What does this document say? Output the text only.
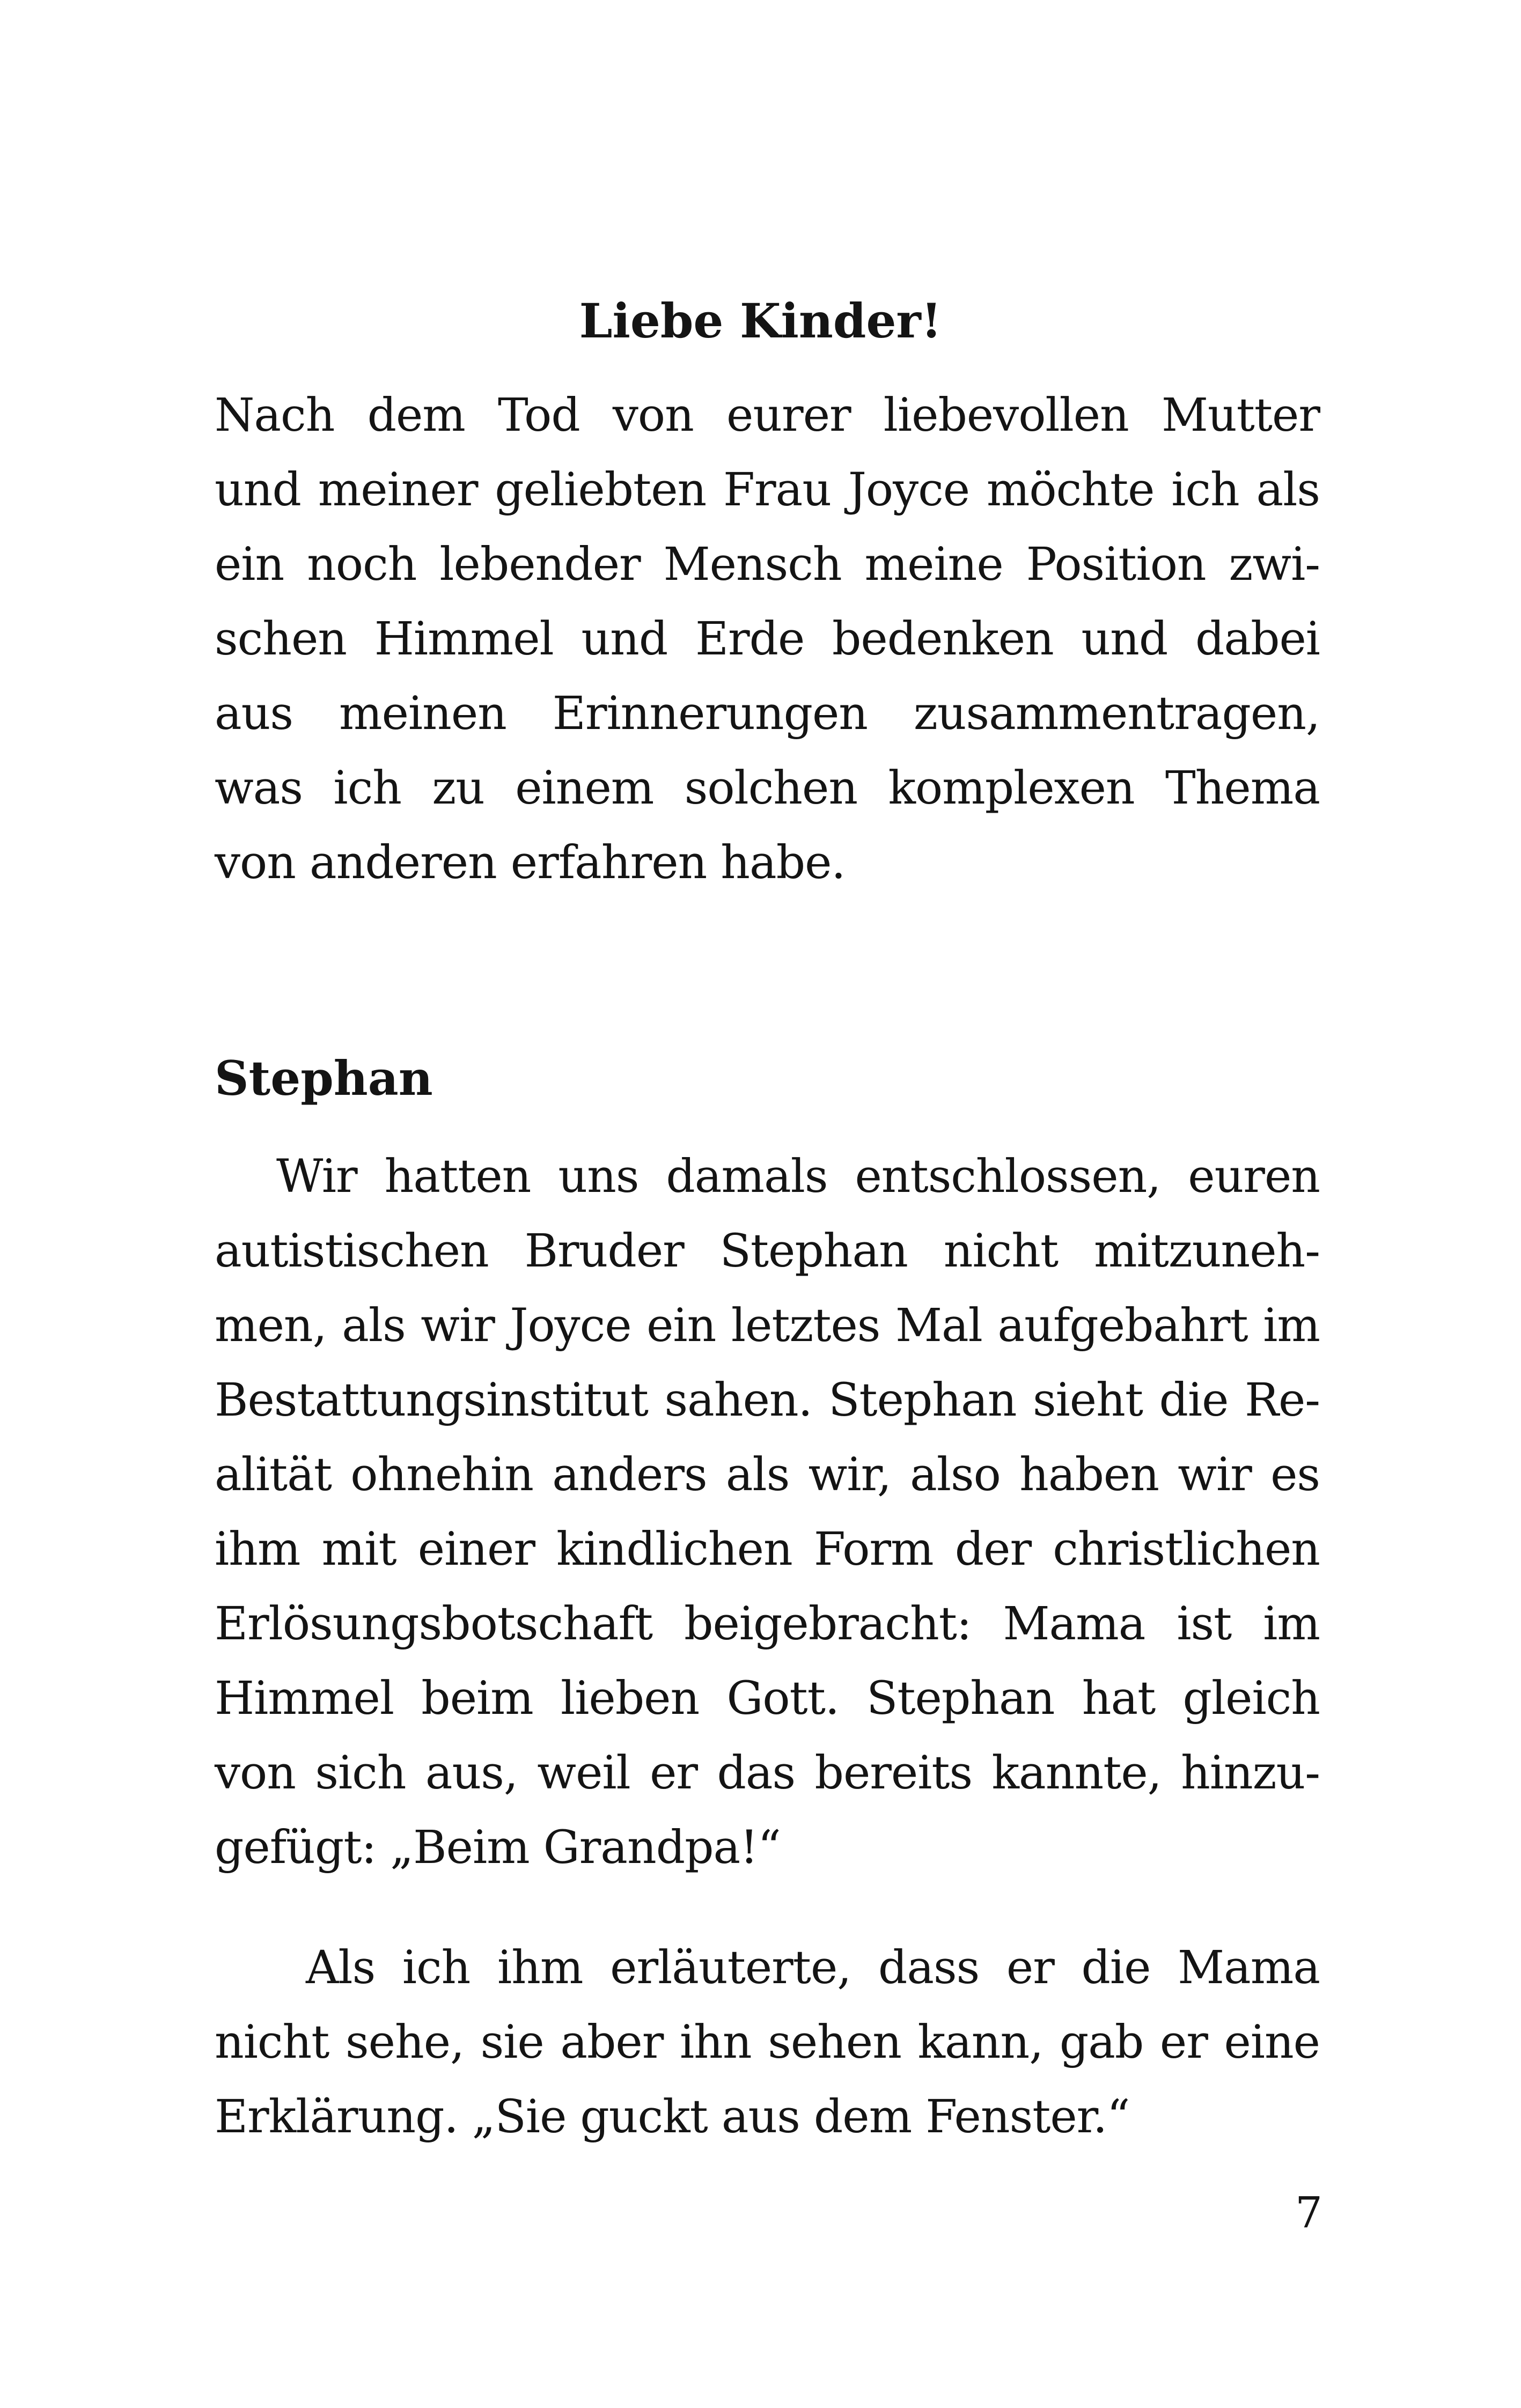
Liebe Kinder!
Nach dem Tod von eurer liebevollen Mutter
und meiner geliebten Frau Joyce möchte ich als
ein noch lebender Mensch meine Position zwi-
schen Himmel und Erde bedenken und dabei
aus meinen Erinnerungen zusammentragen,
was ich zu einem solchen komplexen Thema
von anderen erfahren habe.
Stephan
Wir hatten uns damals entschlossen, euren
autistischen Bruder Stephan nicht mitzuneh-
men, als wir Joyce ein letztes Mal aufgebahrt im
Bestattungsinstitut sahen. Stephan sieht die Re-
alität ohnehin anders als wir, also haben wir es
ihm mit einer kindlichen Form der christlichen
Erlösungsbotschaft beigebracht: Mama ist im
Himmel beim lieben Gott. Stephan hat gleich
von sich aus, weil er das bereits kannte, hinzu-
gefügt: „Beim Grandpa!“
Als ich ihm erläuterte, dass er die Mama
nicht sehe, sie aber ihn sehen kann, gab er eine
Erklärung. „Sie guckt aus dem Fenster.“
7
